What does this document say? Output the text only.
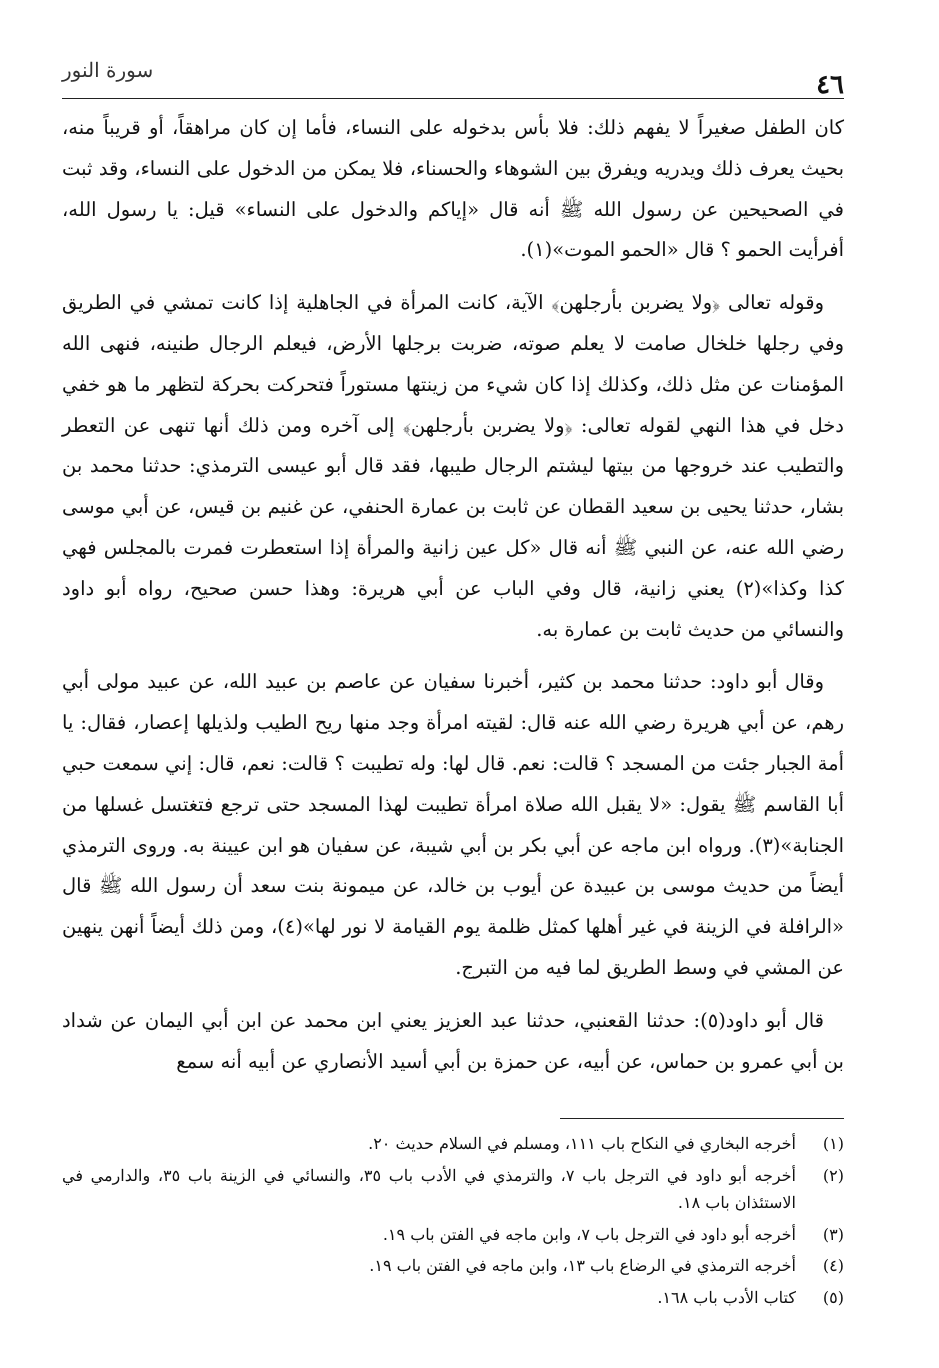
سورة النور	٤٦

كان الطفل صغيراً لا يفهم ذلك: فلا بأس بدخوله على النساء، فأما إن كان مراهقاً، أو قريباً منه، بحيث يعرف ذلك ويدريه ويفرق بين الشوهاء والحسناء، فلا يمكن من الدخول على النساء، وقد ثبت في الصحيحين عن رسول الله ﷺ أنه قال «إياكم والدخول على النساء» قيل: يا رسول الله، أفرأيت الحمو ؟ قال «الحمو الموت»(١).

وقوله تعالى ﴿ولا يضربن بأرجلهن﴾ الآية، كانت المرأة في الجاهلية إذا كانت تمشي في الطريق وفي رجلها خلخال صامت لا يعلم صوته، ضربت برجلها الأرض، فيعلم الرجال طنينه، فنهى الله المؤمنات عن مثل ذلك، وكذلك إذا كان شيء من زينتها مستوراً فتحركت بحركة لتظهر ما هو خفي دخل في هذا النهي لقوله تعالى: ﴿ولا يضربن بأرجلهن﴾ إلى آخره ومن ذلك أنها تنهى عن التعطر والتطيب عند خروجها من بيتها ليشتم الرجال طيبها، فقد قال أبو عيسى الترمذي: حدثنا محمد بن بشار، حدثنا يحيى بن سعيد القطان عن ثابت بن عمارة الحنفي، عن غنيم بن قيس، عن أبي موسى رضي الله عنه، عن النبي ﷺ أنه قال «كل عين زانية والمرأة إذا استعطرت فمرت بالمجلس فهي كذا وكذا»(٢) يعني زانية، قال وفي الباب عن أبي هريرة: وهذا حسن صحيح، رواه أبو داود والنسائي من حديث ثابت بن عمارة به.

وقال أبو داود: حدثنا محمد بن كثير، أخبرنا سفيان عن عاصم بن عبيد الله، عن عبيد مولى أبي رهم، عن أبي هريرة رضي الله عنه قال: لقيته امرأة وجد منها ريح الطيب ولذيلها إعصار، فقال: يا أمة الجبار جئت من المسجد ؟ قالت: نعم. قال لها: وله تطيبت ؟ قالت: نعم، قال: إني سمعت حبي أبا القاسم ﷺ يقول: «لا يقبل الله صلاة امرأة تطيبت لهذا المسجد حتى ترجع فتغتسل غسلها من الجنابة»(٣). ورواه ابن ماجه عن أبي بكر بن أبي شيبة، عن سفيان هو ابن عيينة به. وروى الترمذي أيضاً من حديث موسى بن عبيدة عن أيوب بن خالد، عن ميمونة بنت سعد أن رسول الله ﷺ قال «الرافلة في الزينة في غير أهلها كمثل ظلمة يوم القيامة لا نور لها»(٤)، ومن ذلك أيضاً أنهن ينهين عن المشي في وسط الطريق لما فيه من التبرج.

قال أبو داود(٥): حدثنا القعنبي، حدثنا عبد العزيز يعني ابن محمد عن ابن أبي اليمان عن شداد بن أبي عمرو بن حماس، عن أبيه، عن حمزة بن أبي أسيد الأنصاري عن أبيه أنه سمع

(١)
أخرجه البخاري في النكاح باب ١١١، ومسلم في السلام حديث ٢٠.
(٢)
أخرجه أبو داود في الترجل باب ٧، والترمذي في الأدب باب ٣٥، والنسائي في الزينة باب ٣٥، والدارمي في الاستئذان باب ١٨.
(٣)
أخرجه أبو داود في الترجل باب ٧، وابن ماجه في الفتن باب ١٩.
(٤)
أخرجه الترمذي في الرضاع باب ١٣، وابن ماجه في الفتن باب ١٩.
(٥)
كتاب الأدب باب ١٦٨.
